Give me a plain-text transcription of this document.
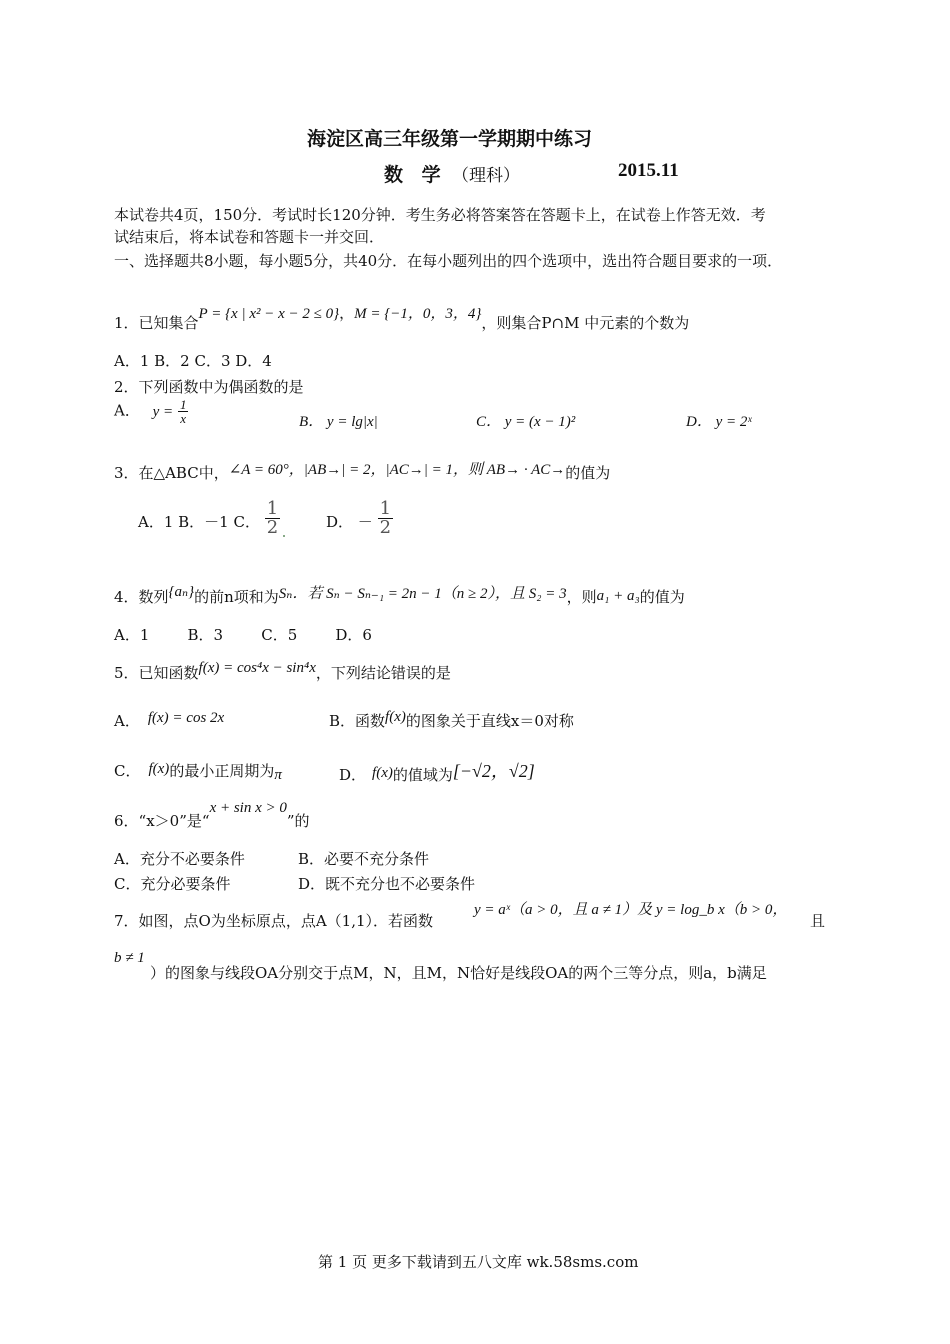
海淀区高三年级第一学期期中练习
数 学 （理科）	2015.11
本试卷共4页，150分．考试时长120分钟．考生务必将答案答在答题卡上，在试卷上作答无效．考
试结束后，将本试卷和答题卡一并交回．
一、选择题共8小题，每小题5分，共40分．在每小题列出的四个选项中，选出符合题目要求的一项．
1．已知集合P = {x | x² − x − 2 ≤ 0}，M = {−1，0，3，4}，则集合P∩M 中元素的个数为
A．1 B．2 C．3 D．4
2．下列函数中为偶函数的是
A． $y = \frac{1}{x}$	B． y = lg|x|	C． y = (x − 1)²	D． y = 2ˣ
3．在△ABC中，∠A = 60°，|AB→| = 2，|AC→| = 1，则 AB→ · AC→的值为
A．1 B．－1 C． $\frac{1}{2}$	D． － $\frac{1}{2}$
4．数列{aₙ}的前n项和为Sₙ．若 Sₙ − Sₙ₋₁ = 2n − 1（n ≥ 2），且 S₂ = 3，则a₁ + a₃的值为
A．1        B．3        C．5        D．6
5．已知函数f(x) = cos⁴x − sin⁴x，下列结论错误的是
A． f(x) = cos 2x	B．函数f(x)的图象关于直线x＝0对称
C． f(x)的最小正周期为π	D． f(x)的值域为[−√2，√2]
6．“x＞0”是“x + sin x > 0”的
A．充分不必要条件	B．必要不充分条件
C．充分必要条件	D．既不充分也不必要条件
7．如图，点O为坐标原点，点A（1,1）．若函数
y = aˣ（a > 0，且 a ≠ 1）及 y = log_b x（b > 0，
且
b ≠ 1
）的图象与线段OA分别交于点M，N，且M，N恰好是线段OA的两个三等分点，则a，b满足
第 1 页 更多下载请到五八文库 wk.58sms.com
